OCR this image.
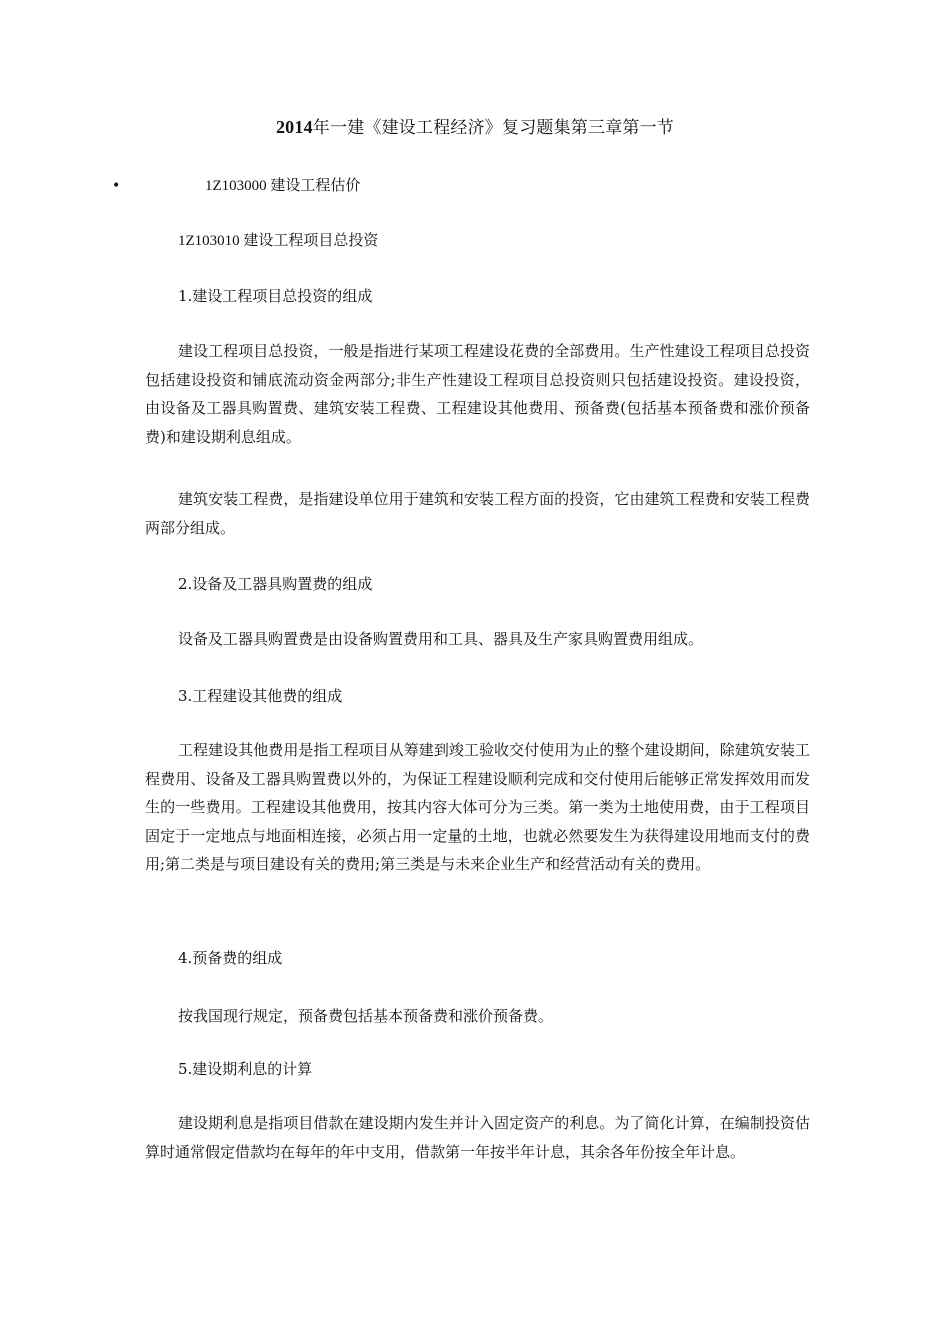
2014年一建《建设工程经济》复习题集第三章第一节
•	1Z103000 建设工程估价
1Z103010 建设工程项目总投资
1.建设工程项目总投资的组成

建设工程项目总投资，一般是指进行某项工程建设花费的全部费用。生产性建设工程项目总投资包括建设投资和铺底流动资金两部分;非生产性建设工程项目总投资则只包括建设投资。建设投资，由设备及工器具购置费、建筑安装工程费、工程建设其他费用、预备费(包括基本预备费和涨价预备费)和建设期利息组成。

建筑安装工程费，是指建设单位用于建筑和安装工程方面的投资，它由建筑工程费和安装工程费两部分组成。

2.设备及工器具购置费的组成

设备及工器具购置费是由设备购置费用和工具、器具及生产家具购置费用组成。

3.工程建设其他费的组成

工程建设其他费用是指工程项目从筹建到竣工验收交付使用为止的整个建设期间，除建筑安装工程费用、设备及工器具购置费以外的，为保证工程建设顺利完成和交付使用后能够正常发挥效用而发生的一些费用。工程建设其他费用，按其内容大体可分为三类。第一类为土地使用费，由于工程项目固定于一定地点与地面相连接，必须占用一定量的土地，也就必然要发生为获得建设用地而支付的费用;第二类是与项目建设有关的费用;第三类是与未来企业生产和经营活动有关的费用。

4.预备费的组成

按我国现行规定，预备费包括基本预备费和涨价预备费。

5.建设期利息的计算

建设期利息是指项目借款在建设期内发生并计入固定资产的利息。为了简化计算，在编制投资估算时通常假定借款均在每年的年中支用，借款第一年按半年计息，其余各年份按全年计息。
